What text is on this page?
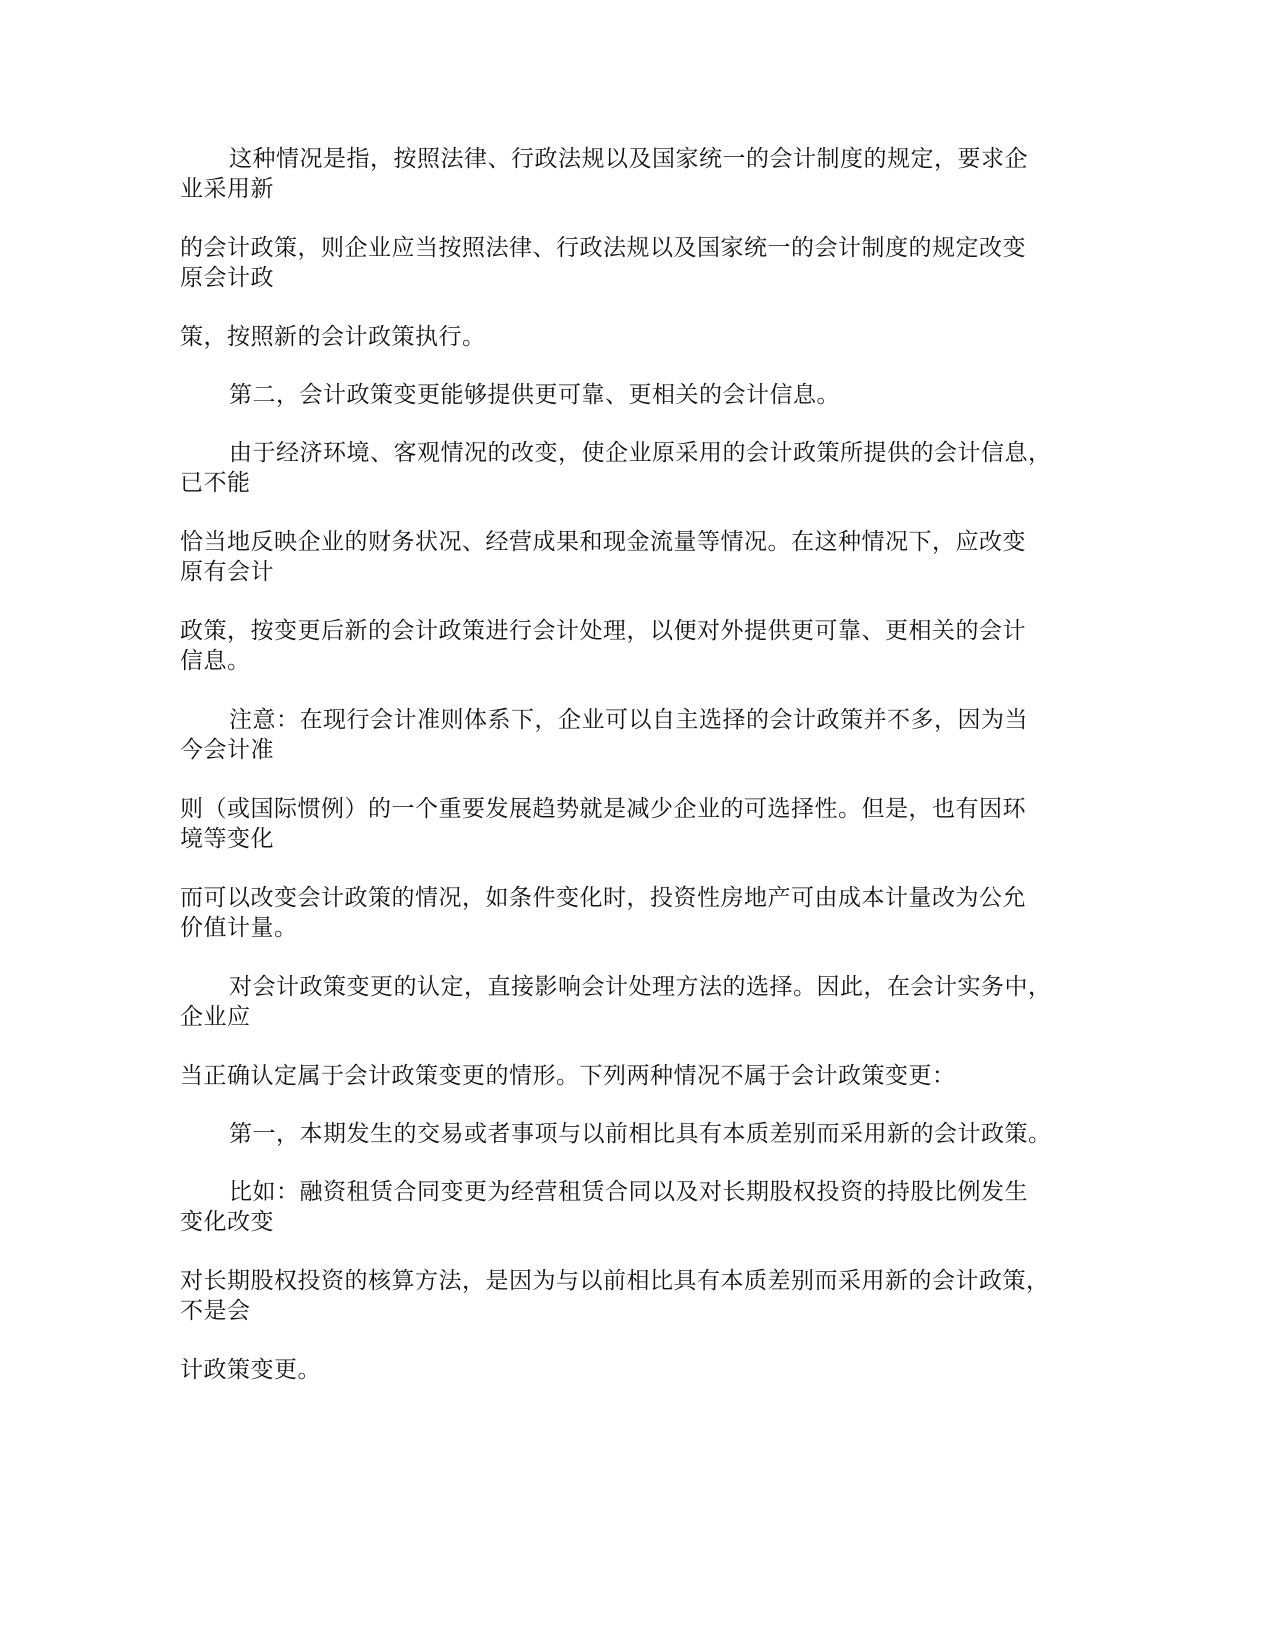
这种情况是指，按照法律、行政法规以及国家统一的会计制度的规定，要求企
业采用新
的会计政策，则企业应当按照法律、行政法规以及国家统一的会计制度的规定改变
原会计政
策，按照新的会计政策执行。
第二，会计政策变更能够提供更可靠、更相关的会计信息。
由于经济环境、客观情况的改变，使企业原采用的会计政策所提供的会计信息，
已不能
恰当地反映企业的财务状况、经营成果和现金流量等情况。在这种情况下，应改变
原有会计
政策，按变更后新的会计政策进行会计处理，以便对外提供更可靠、更相关的会计
信息。
注意：在现行会计准则体系下，企业可以自主选择的会计政策并不多，因为当
今会计准
则（或国际惯例）的一个重要发展趋势就是减少企业的可选择性。但是，也有因环
境等变化
而可以改变会计政策的情况，如条件变化时，投资性房地产可由成本计量改为公允
价值计量。
对会计政策变更的认定，直接影响会计处理方法的选择。因此，在会计实务中，
企业应
当正确认定属于会计政策变更的情形。下列两种情况不属于会计政策变更：
第一，本期发生的交易或者事项与以前相比具有本质差别而采用新的会计政策。
比如：融资租赁合同变更为经营租赁合同以及对长期股权投资的持股比例发生
变化改变
对长期股权投资的核算方法，是因为与以前相比具有本质差别而采用新的会计政策，
不是会
计政策变更。
